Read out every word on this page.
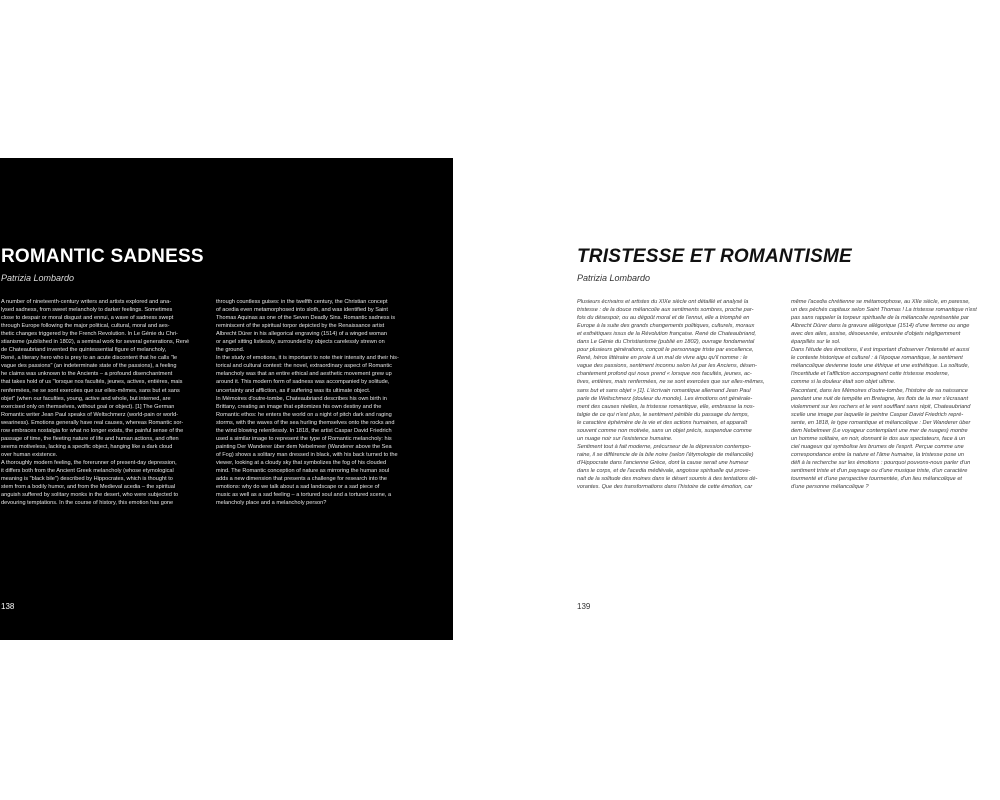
ROMANTIC SADNESS
Patrizia Lombardo

A number of nineteenth-century writers and artists explored and ana-
lysed sadness, from sweet melancholy to darker feelings. Sometimes
close to despair or moral disgust and ennui, a wave of sadness swept
through Europe following the major political, cultural, moral and aes-
thetic changes triggered by the French Revolution. In Le Génie du Chri-
stianisme (published in 1802), a seminal work for several generations, René
de Chateaubriand invented the quintessential figure of melancholy,
René, a literary hero who is prey to an acute discontent that he calls "le
vague des passions" (an indeterminate state of the passions), a feeling
he claims was unknown to the Ancients – a profound disenchantment
that takes hold of us "lorsque nos facultés, jeunes, actives, entières, mais
renfermées, ne se sont exercées que sur elles-mêmes, sans but et sans
objet" (when our faculties, young, active and whole, but interned, are
exercised only on themselves, without goal or object). [1] The German
Romantic writer Jean Paul speaks of Weltschmerz (world-pain or world-
weariness). Emotions generally have real causes, whereas Romantic sor-
row embraces nostalgia for what no longer exists, the painful sense of the
passage of time, the fleeting nature of life and human actions, and often
seems motiveless, lacking a specific object, hanging like a dark cloud
over human existence.
A thoroughly modern feeling, the forerunner of present-day depression,
it differs both from the Ancient Greek melancholy (whose etymological
meaning is "black bile") described by Hippocrates, which is thought to
stem from a bodily humor, and from the Medieval acedia – the spiritual
anguish suffered by solitary monks in the desert, who were subjected to
devouring temptations. In the course of history, this emotion has gone

through countless guises: in the twelfth century, the Christian concept
of acedia even metamorphosed into sloth, and was identified by Saint
Thomas Aquinas as one of the Seven Deadly Sins. Romantic sadness is
reminiscent of the spiritual torpor depicted by the Renaissance artist
Albrecht Dürer in his allegorical engraving (1514) of a winged woman
or angel sitting listlessly, surrounded by objects carelessly strewn on
the ground.
In the study of emotions, it is important to note their intensity and their his-
torical and cultural context: the novel, extraordinary aspect of Romantic
melancholy was that an entire ethical and aesthetic movement grew up
around it. This modern form of sadness was accompanied by solitude,
uncertainty and affliction, as if suffering was its ultimate object.
In Mémoires d'outre-tombe, Chateaubriand describes his own birth in
Brittany, creating an image that epitomizes his own destiny and the
Romantic ethos: he enters the world on a night of pitch dark and raging
storms, with the waves of the sea hurling themselves onto the rocks and
the wind blowing relentlessly. In 1818, the artist Caspar David Friedrich
used a similar image to represent the type of Romantic melancholy: his
painting Der Wanderer über dem Nebelmeer (Wanderer above the Sea
of Fog) shows a solitary man dressed in black, with his back turned to the
viewer, looking at a cloudy sky that symbolizes the fog of his clouded
mind. The Romantic conception of nature as mirroring the human soul
adds a new dimension that presents a challenge for research into the
emotions: why do we talk about a sad landscape or a sad piece of
music as well as a sad feeling – a tortured soul and a tortured scene, a
melancholy place and a melancholy person?

138
TRISTESSE ET ROMANTISME
Patrizia Lombardo

Plusieurs écrivains et artistes du XIXe siècle ont détaillé et analysé la
tristesse : de la douce mélancolie aux sentiments sombres, proche par-
fois du désespoir, ou au dégoût moral et de l'ennui, elle a triomphé en
Europe à la suite des grands changements politiques, culturels, moraux
et esthétiques issus de la Révolution française. René de Chateaubriand,
dans Le Génie du Christianisme (publié en 1802), ouvrage fondamental
pour plusieurs générations, conçoit le personnage triste par excellence,
René, héros littéraire en proie à un mal de vivre aigu qu'il nomme : le
vague des passions, sentiment inconnu selon lui par les Anciens, désen-
chantement profond qui nous prend « lorsque nos facultés, jeunes, ac-
tives, entières, mais renfermées, ne se sont exercées que sur elles-mêmes,
sans but et sans objet » [1]. L'écrivain romantique allemand Jean Paul
parle de Weltschmerz (douleur du monde). Les émotions ont générale-
ment des causes réelles, la tristesse romantique, elle, embrasse la nos-
talgie de ce qui n'est plus, le sentiment pénible du passage du temps,
le caractère éphémère de la vie et des actions humaines, et apparaît
souvent comme non motivée, sans un objet précis, suspendue comme
un nuage noir sur l'existence humaine.
Sentiment tout à fait moderne, précurseur de la dépression contempo-
raine, il se différencie de la bile noire (selon l'étymologie de mélancolie)
d'Hippocrate dans l'ancienne Grèce, dont la cause serait une humeur
dans le corps, et de l'acedia médiévale, angoisse spirituelle qui prove-
nait de la solitude des moines dans le désert soumis à des tentations dé-
vorantes. Que des transformations dans l'histoire de cette émotion, car

même l'acedia chrétienne se métamorphose, au XIIe siècle, en paresse,
un des péchés capitaux selon Saint Thomas ! La tristesse romantique n'est
pas sans rappeler la torpeur spirituelle de la mélancolie représentée par
Albrecht Dürer dans la gravure allégorique (1514) d'une femme ou ange
avec des ailes, assise, désoeuvrée, entourée d'objets négligemment
éparpillés sur le sol.
Dans l'étude des émotions, il est important d'observer l'intensité et aussi
le contexte historique et culturel : à l'époque romantique, le sentiment
mélancolique devienne toute une éthique et une esthétique. La solitude,
l'incertitude et l'affliction accompagnent cette tristesse moderne,
comme si la douleur était son objet ultime.
Racontant, dans les Mémoires d'outre-tombe, l'histoire de sa naissance
pendant une nuit de tempête en Bretagne, les flots de la mer s'écrasant
violemment sur les rochers et le vent soufflant sans répit, Chateaubriand
scelle une image par laquelle le peintre Caspar David Friedrich repré-
sente, en 1818, le type romantique et mélancolique : Der Wanderer über
dem Nebelmeer (Le voyageur contemplant une mer de nuages) montre
un homme solitaire, en noir, donnant le dos aux spectateurs, face à un
ciel nuageux qui symbolise les brumes de l'esprit. Perçue comme une
correspondance entre la nature et l'âme humaine, la tristesse pose un
défi à la recherche sur les émotions : pourquoi pouvons-nous parler d'un
sentiment triste et d'un paysage ou d'une musique triste, d'un caractère
tourmenté et d'une perspective tourmentée, d'un lieu mélancolique et
d'une personne mélancolique ?

139
